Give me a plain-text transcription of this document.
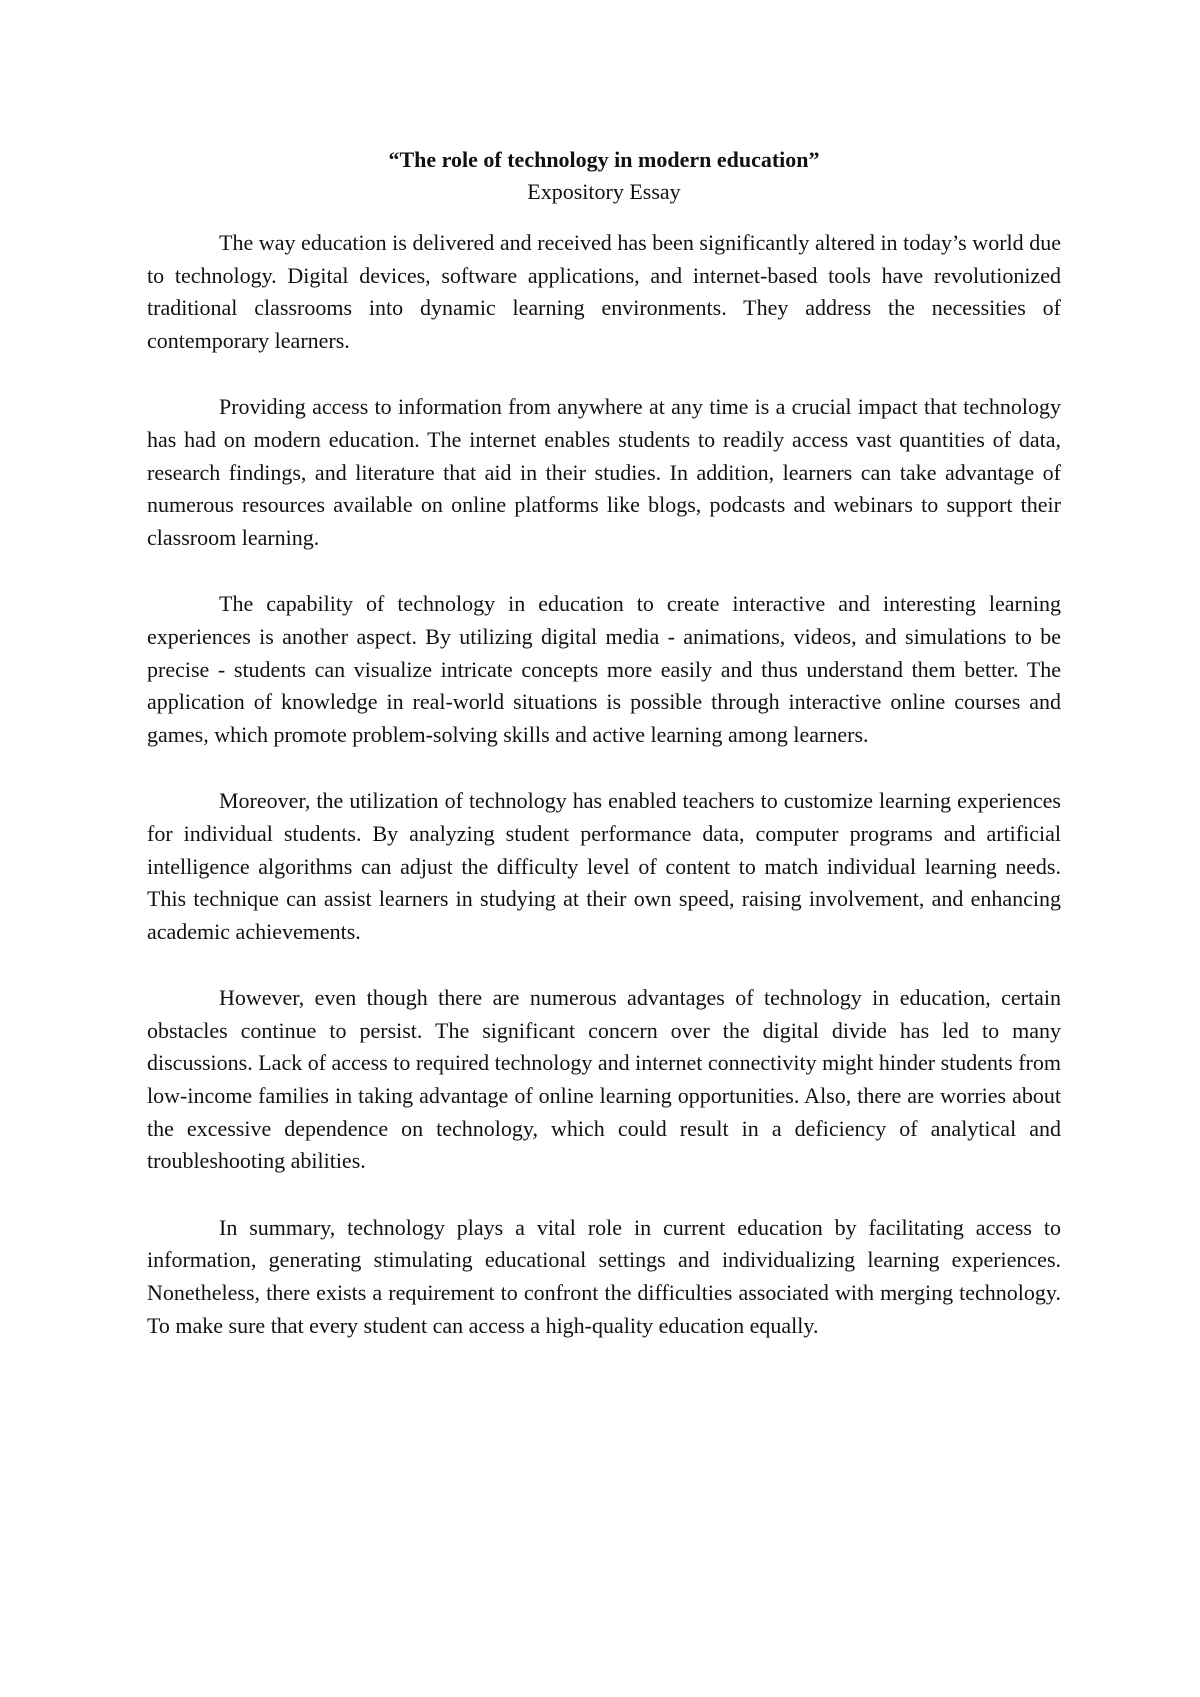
“The role of technology in modern education”

Expository Essay

The way education is delivered and received has been significantly altered in today’s world due to technology. Digital devices, software applications, and internet-based tools have revolutionized traditional classrooms into dynamic learning environments. They address the necessities of contemporary learners.

Providing access to information from anywhere at any time is a crucial impact that technology has had on modern education. The internet enables students to readily access vast quantities of data, research findings, and literature that aid in their studies. In addition, learners can take advantage of numerous resources available on online platforms like blogs, podcasts and webinars to support their classroom learning.

The capability of technology in education to create interactive and interesting learning experiences is another aspect. By utilizing digital media - animations, videos, and simulations to be precise - students can visualize intricate concepts more easily and thus understand them better. The application of knowledge in real-world situations is possible through interactive online courses and games, which promote problem-solving skills and active learning among learners.

Moreover, the utilization of technology has enabled teachers to customize learning experiences for individual students. By analyzing student performance data, computer programs and artificial intelligence algorithms can adjust the difficulty level of content to match individual learning needs. This technique can assist learners in studying at their own speed, raising involvement, and enhancing academic achievements.

However, even though there are numerous advantages of technology in education, certain obstacles continue to persist. The significant concern over the digital divide has led to many discussions. Lack of access to required technology and internet connectivity might hinder students from low-income families in taking advantage of online learning opportunities. Also, there are worries about the excessive dependence on technology, which could result in a deficiency of analytical and troubleshooting abilities.

In summary, technology plays a vital role in current education by facilitating access to information, generating stimulating educational settings and individualizing learning experiences. Nonetheless, there exists a requirement to confront the difficulties associated with merging technology. To make sure that every student can access a high-quality education equally.
